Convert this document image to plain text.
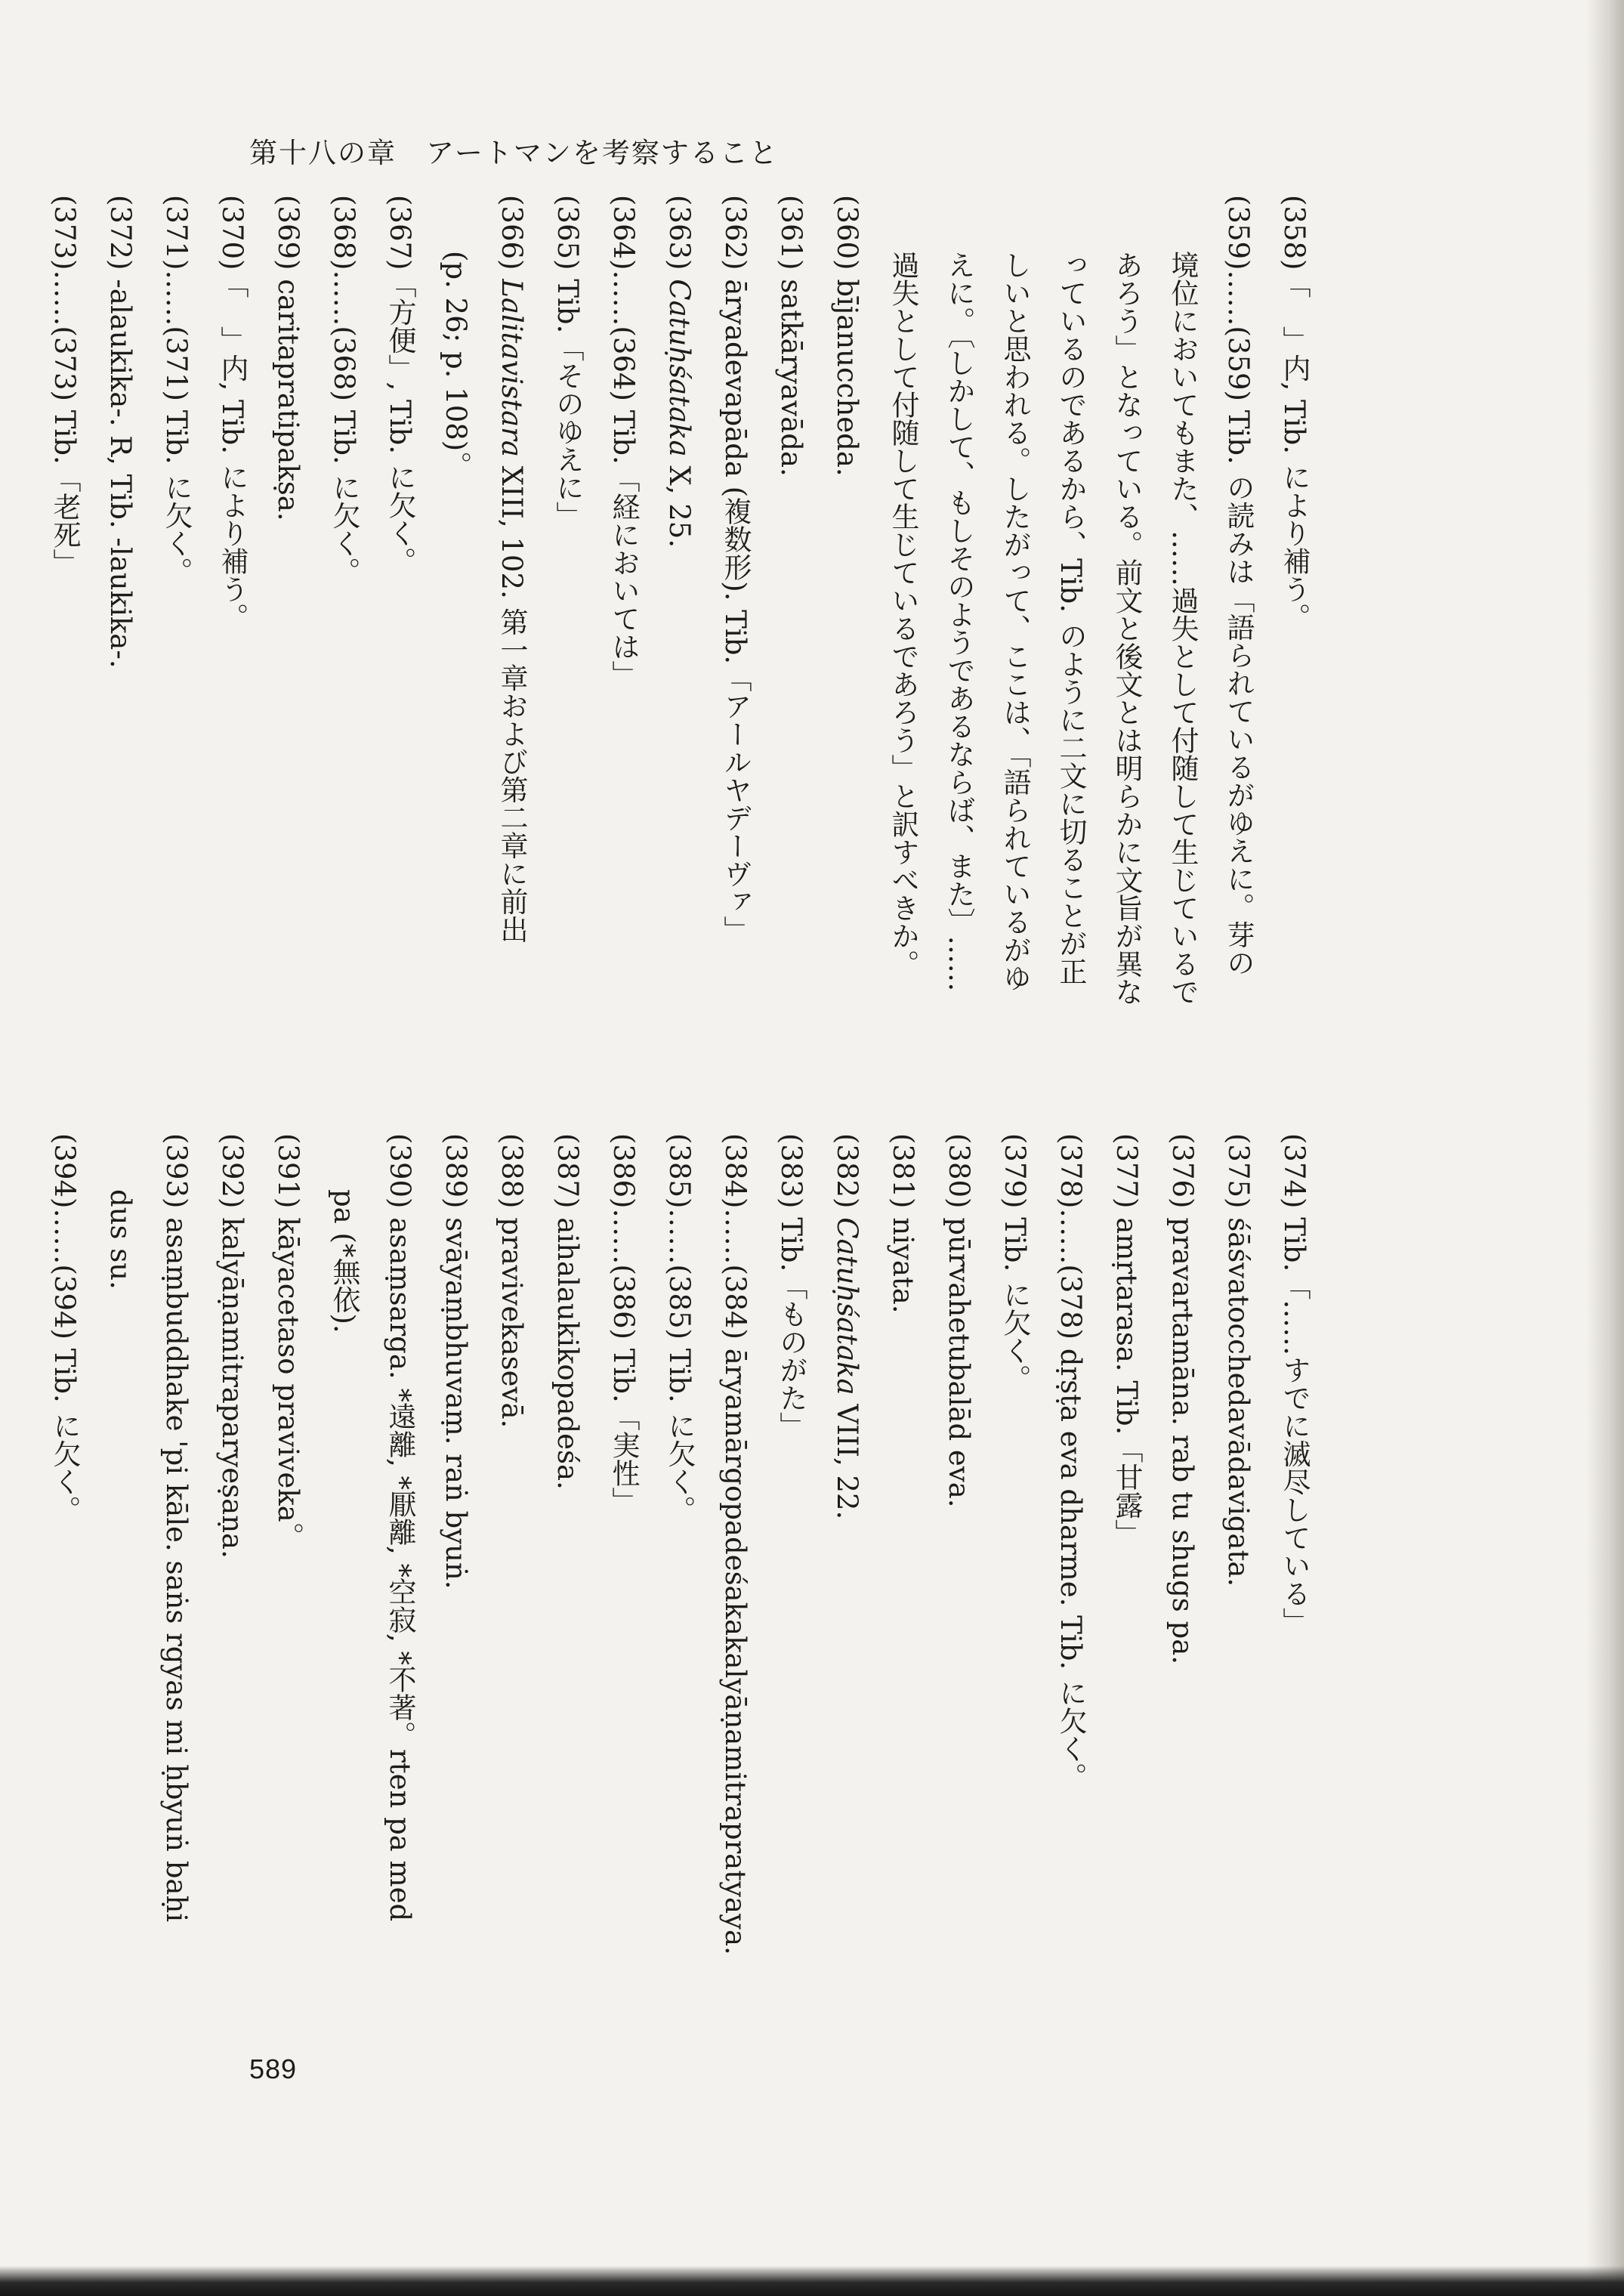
第十八の章　アートマンを考察すること
(358)「　」内, Tib. により補う。
(359)……(359) Tib. の読みは「語られているがゆえに。芽の
境位においてもまた、……過失として付随して生じているで
あろう」となっている。前文と後文とは明らかに文旨が異な
っているのであるから、Tib. のように二文に切ることが正
しいと思われる。したがって、ここは、「語られているがゆ
えに。〔しかして、もしそのようであるならば、また〕……
過失として付随して生じているであろう」と訳すべきか。
(360) bījanuccheda.
(361) satkāryavāda.
(362) āryadevapāda (複数形). Tib.「アールヤデーヴァ」
(363) Catuḥśataka X, 25.
(364)……(364) Tib.「経においては」
(365) Tib.「そのゆえに」
(366) Lalitavistara XIII, 102. 第一章および第二章に前出
(p. 26; p. 108)。
(367)「方便」, Tib. に欠く。
(368)……(368) Tib. に欠く。
(369) caritapratipakṣa.
(370)「　」内, Tib. により補う。
(371)……(371) Tib. に欠く。
(372) -alaukika-. R, Tib. -laukika-.
(373)……(373) Tib.「老死」
(374) Tib.「……すでに滅尽している」
(375) śāśvatocchedavādavigata.
(376) pravartamāna. rab tu shugs pa.
(377) amṛtarasa. Tib.「甘露」
(378)……(378) dṛṣṭa eva dharme. Tib. に欠く。
(379) Tib. に欠く。
(380) pūrvahetubalād eva.
(381) niyata.
(382) Catuḥśataka VIII, 22.
(383) Tib.「ものがた」
(384)……(384) āryamārgopadeśakakalyāṇamitrapratyaya.
(385)……(385) Tib. に欠く。
(386)……(386) Tib.「実性」
(387) aihalaukikopadeśa.
(388) pravivekasevā.
(389) svāyaṃbhuvaṃ. raṅ byuṅ.
(390) asaṃsarga. *遠離, *厭離, *空寂, *不著。rten pa med
pa (*無依).
(391) kāyacetaso praviveka。
(392) kalyāṇamitraparyeṣaṇa.
(393) asaṃbuddhake 'pi kāle. saṅs rgyas mi ḥbyuṅ baḥi
dus su.
(394)……(394) Tib. に欠く。
589
